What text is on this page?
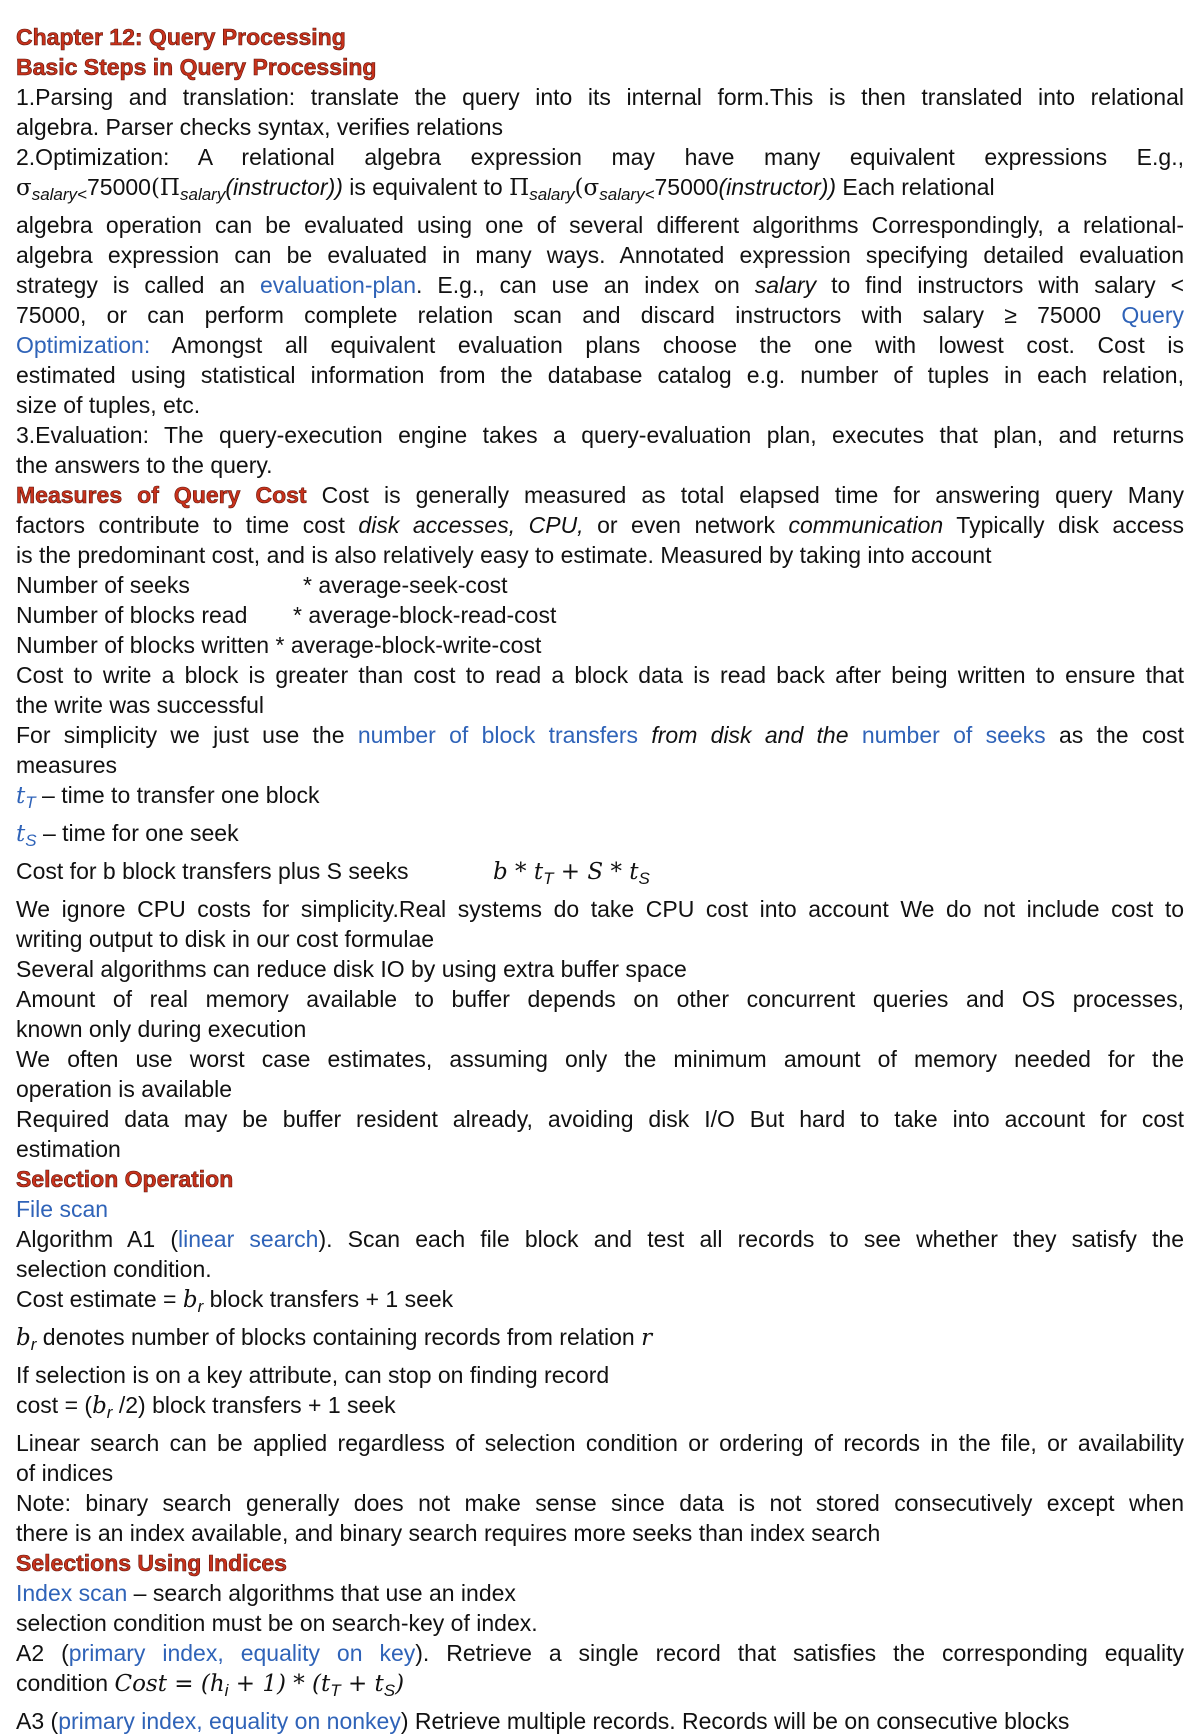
Chapter 12: Query Processing
Basic Steps in Query Processing
1.Parsing and translation: translate the query into its internal form.This is then translated into relational
algebra. Parser checks syntax, verifies relations
2.Optimization: A relational algebra expression may have many equivalent expressions E.g.,
$\sigma_{salary<}75000(\Pi_{salary}(instructor))$ is equivalent to $\Pi_{salary}(\sigma_{salary<}75000(instructor))$ Each relational
algebra operation can be evaluated using one of several different algorithms Correspondingly, a relational-
algebra expression can be evaluated in many ways. Annotated expression specifying detailed evaluation
strategy is called an evaluation-plan. E.g., can use an index on salary to find instructors with salary <
75000, or can perform complete relation scan and discard instructors with salary ≥ 75000 Query
Optimization: Amongst all equivalent evaluation plans choose the one with lowest cost. Cost is
estimated using statistical information from the database catalog e.g. number of tuples in each relation,
size of tuples, etc.
3.Evaluation: The query-execution engine takes a query-evaluation plan, executes that plan, and returns
the answers to the query.
Measures of Query Cost Cost is generally measured as total elapsed time for answering query Many
factors contribute to time cost disk accesses, CPU, or even network communication Typically disk access
is the predominant cost, and is also relatively easy to estimate. Measured by taking into account
Number of seeks	* average-seek-cost
Number of blocks read * average-block-read-cost
Number of blocks written * average-block-write-cost
Cost to write a block is greater than cost to read a block data is read back after being written to ensure that
the write was successful
For simplicity we just use the number of block transfers from disk and the number of seeks as the cost
measures
$t_T$ – time to transfer one block
$t_S$ – time for one seek
Cost for b block transfers plus S seeks	$b * t_T + S * t_S$
We ignore CPU costs for simplicity.Real systems do take CPU cost into account We do not include cost to
writing output to disk in our cost formulae
Several algorithms can reduce disk IO by using extra buffer space
Amount of real memory available to buffer depends on other concurrent queries and OS processes,
known only during execution
We often use worst case estimates, assuming only the minimum amount of memory needed for the
operation is available
Required data may be buffer resident already, avoiding disk I/O But hard to take into account for cost
estimation
Selection Operation
File scan
Algorithm A1 (linear search). Scan each file block and test all records to see whether they satisfy the
selection condition.
Cost estimate = $b_r$ block transfers + 1 seek
$b_r$ denotes number of blocks containing records from relation r
If selection is on a key attribute, can stop on finding record
$\cos t = (b_r$ /2) block transfers + 1 seek
Linear search can be applied regardless of selection condition or ordering of records in the file, or availability
of indices
Note: binary search generally does not make sense since data is not stored consecutively except when
there is an index available, and binary search requires more seeks than index search
Selections Using Indices
Index scan – search algorithms that use an index
selection condition must be on search-key of index.
A2 (primary index, equality on key). Retrieve a single record that satisfies the corresponding equality
condition Cost = $(h_i + 1) * (t_T + t_S)$
A3 (primary index, equality on nonkey) Retrieve multiple records. Records will be on consecutive blocks
